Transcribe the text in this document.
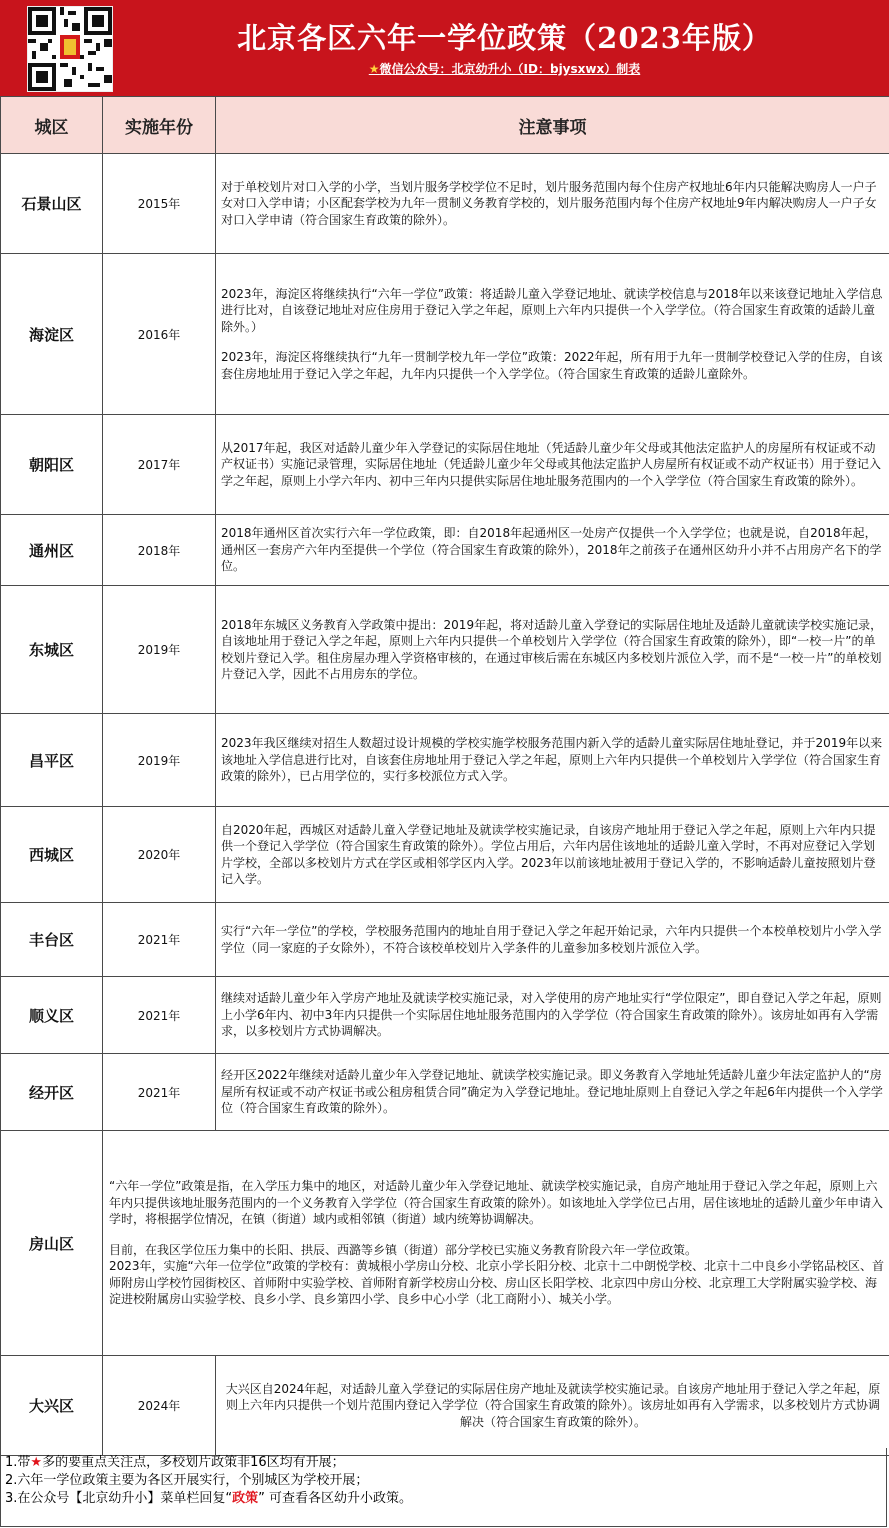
北京各区六年一学位政策（2023年版）
★微信公众号：北京幼升小（ID：bjysxwx）制表
城区	实施年份	注意事项
石景山区	2015年	对于单校划片对口入学的小学，当划片服务学校学位不足时，划片服务范围内每个住房产权地址6年内只能解决购房人一户子女对口入学申请；小区配套学校为九年一贯制义务教育学校的，划片服务范围内每个住房产权地址9年内解决购房人一户子女对口入学申请（符合国家生育政策的除外）。

海淀区	2016年	2023年，海淀区将继续执行“六年一学位”政策：将适龄儿童入学登记地址、就读学校信息与2018年以来该登记地址入学信息进行比对，自该登记地址对应住房用于登记入学之年起，原则上六年内只提供一个入学学位。（符合国家生育政策的适龄儿童除外。）

2023年，海淀区将继续执行“九年一贯制学校九年一学位”政策：2022年起，所有用于九年一贯制学校登记入学的住房，自该套住房地址用于登记入学之年起，九年内只提供一个入学学位。（符合国家生育政策的适龄儿童除外。

朝阳区	2017年	从2017年起，我区对适龄儿童少年入学登记的实际居住地址（凭适龄儿童少年父母或其他法定监护人的房屋所有权证或不动产权证书）实施记录管理，实际居住地址（凭适龄儿童少年父母或其他法定监护人房屋所有权证或不动产权证书）用于登记入学之年起，原则上小学六年内、初中三年内只提供实际居住地址服务范围内的一个入学学位（符合国家生育政策的除外）。

通州区	2018年	2018年通州区首次实行六年一学位政策，即：自2018年起通州区一处房产仅提供一个入学学位；也就是说，自2018年起，通州区一套房产六年内至提供一个学位（符合国家生育政策的除外），2018年之前孩子在通州区幼升小并不占用房产名下的学位。

东城区	2019年	2018年东城区义务教育入学政策中提出：2019年起，将对适龄儿童入学登记的实际居住地址及适龄儿童就读学校实施记录，自该地址用于登记入学之年起，原则上六年内只提供一个单校划片入学学位（符合国家生育政策的除外），即“一校一片”的单校划片登记入学。租住房屋办理入学资格审核的，在通过审核后需在东城区内多校划片派位入学，而不是“一校一片”的单校划片登记入学，因此不占用房东的学位。

昌平区	2019年	2023年我区继续对招生人数超过设计规模的学校实施学校服务范围内新入学的适龄儿童实际居住地址登记，并于2019年以来该地址入学信息进行比对，自该套住房地址用于登记入学之年起，原则上六年内只提供一个单校划片入学学位（符合国家生育政策的除外），已占用学位的，实行多校派位方式入学。

西城区	2020年	自2020年起，西城区对适龄儿童入学登记地址及就读学校实施记录，自该房产地址用于登记入学之年起，原则上六年内只提供一个登记入学学位（符合国家生育政策的除外）。学位占用后，六年内居住该地址的适龄儿童入学时，不再对应登记入学划片学校，全部以多校划片方式在学区或相邻学区内入学。2023年以前该地址被用于登记入学的，不影响适龄儿童按照划片登记入学。

丰台区	2021年	实行“六年一学位”的学校，学校服务范围内的地址自用于登记入学之年起开始记录，六年内只提供一个本校单校划片小学入学学位（同一家庭的子女除外），不符合该校单校划片入学条件的儿童参加多校划片派位入学。

顺义区	2021年	继续对适龄儿童少年入学房产地址及就读学校实施记录，对入学使用的房产地址实行“学位限定”，即自登记入学之年起，原则上小学6年内、初中3年内只提供一个实际居住地址服务范围内的入学学位（符合国家生育政策的除外）。该房址如再有入学需求，以多校划片方式协调解决。

经开区	2021年	经开区2022年继续对适龄儿童少年入学登记地址、就读学校实施记录。即义务教育入学地址凭适龄儿童少年法定监护人的“房屋所有权证或不动产权证书或公租房租赁合同”确定为入学登记地址。登记地址原则上自登记入学之年起6年内提供一个入学学位（符合国家生育政策的除外）。

房山区	“六年一学位”政策是指，在入学压力集中的地区，对适龄儿童少年入学登记地址、就读学校实施记录，自房产地址用于登记入学之年起，原则上六年内只提供该地址服务范围内的一个义务教育入学学位（符合国家生育政策的除外）。如该地址入学学位已占用，居住该地址的适龄儿童少年申请入学时，将根据学位情况，在镇（街道）域内或相邻镇（街道）域内统筹协调解决。

目前，在我区学位压力集中的长阳、拱辰、西潞等乡镇（街道）部分学校已实施义务教育阶段六年一学位政策。

2023年，实施“六年一位学位”政策的学校有：黄城根小学房山分校、北京小学长阳分校、北京十二中朗悦学校、北京十二中良乡小学铭品校区、首师附房山学校竹园街校区、首师附中实验学校、首师附育新学校房山分校、房山区长阳学校、北京四中房山分校、北京理工大学附属实验学校、海淀进校附属房山实验学校、良乡小学、良乡第四小学、良乡中心小学（北工商附小）、城关小学。	

大兴区	2024年	大兴区自2024年起，对适龄儿童入学登记的实际居住房产地址及就读学校实施记录。自该房产地址用于登记入学之年起，原则上六年内只提供一个划片范围内登记入学学位（符合国家生育政策的除外）。该房址如再有入学需求，以多校划片方式协调解决（符合国家生育政策的除外）。

1.带★多的要重点关注点，多校划片政策非16区均有开展；
2.六年一学位政策主要为各区开展实行，个别城区为学校开展；
3.在公众号【北京幼升小】菜单栏回复“政策” 可查看各区幼升小政策。
